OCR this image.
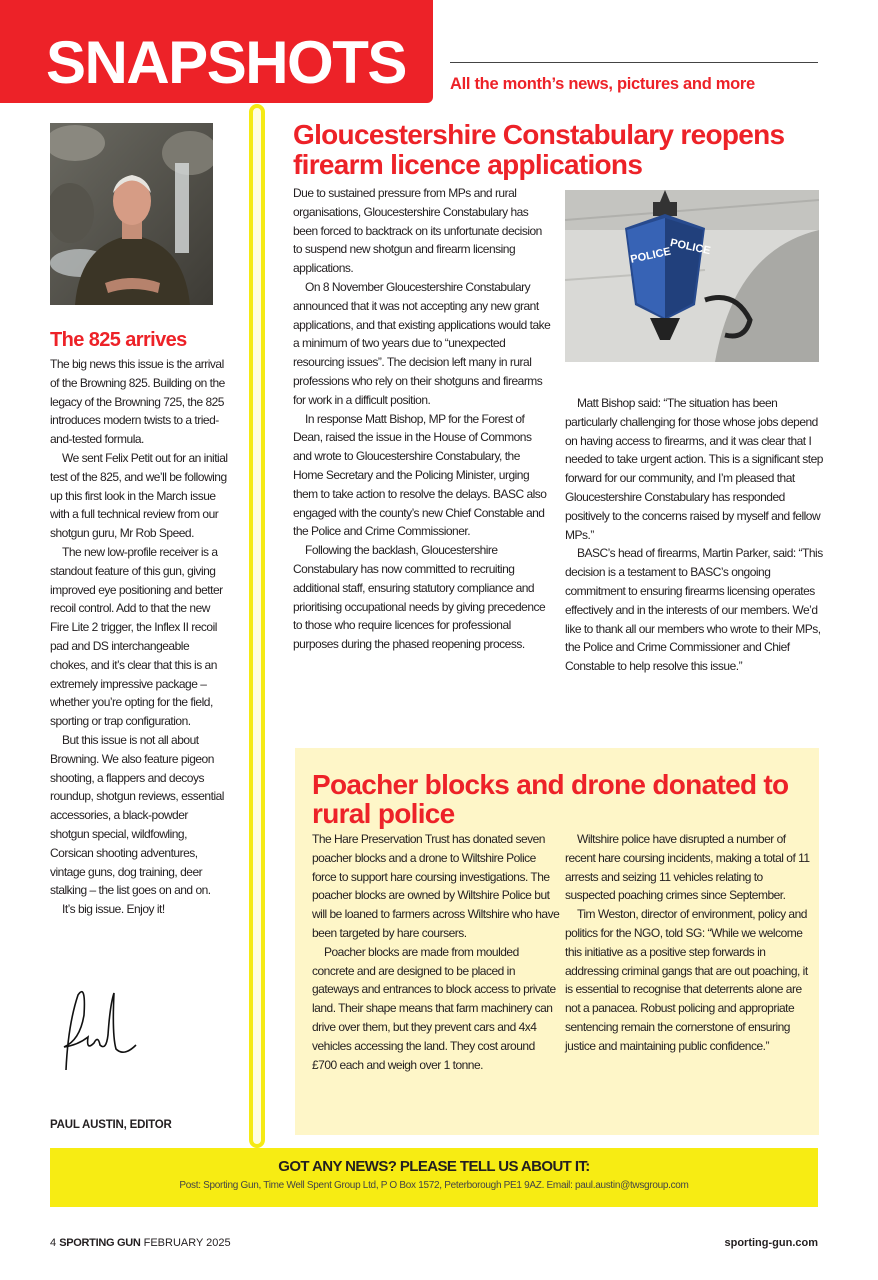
SNAPSHOTS	All the month’s news, pictures and more
The 825 arrives

The big news this issue is the arrival of the Browning 825. Building on the legacy of the Browning 725, the 825 introduces modern twists to a tried-and-tested formula.

We sent Felix Petit out for an initial test of the 825, and we’ll be following up this first look in the March issue with a full technical review from our shotgun guru, Mr Rob Speed.

The new low-profile receiver is a standout feature of this gun, giving improved eye positioning and better recoil control. Add to that the new Fire Lite 2 trigger, the Inflex II recoil pad and DS interchangeable chokes, and it’s clear that this is an extremely impressive package – whether you’re opting for the field, sporting or trap configuration.

But this issue is not all about Browning. We also feature pigeon shooting, a flappers and decoys roundup, shotgun reviews, essential accessories, a black-powder shotgun special, wildfowling, Corsican shooting adventures, vintage guns, dog training, deer stalking – the list goes on and on.

It’s big issue. Enjoy it!

PAUL AUSTIN, EDITOR
Gloucestershire Constabulary reopens firearm licence applications

Due to sustained pressure from MPs and rural organisations, Gloucestershire Constabulary has been forced to backtrack on its unfortunate decision to suspend new shotgun and firearm licensing applications.

On 8 November Gloucestershire Constabulary announced that it was not accepting any new grant applications, and that existing applications would take a minimum of two years due to “unexpected resourcing issues”. The decision left many in rural professions who rely on their shotguns and firearms for work in a difficult position.

In response Matt Bishop, MP for the Forest of Dean, raised the issue in the House of Commons and wrote to Gloucestershire Constabulary, the Home Secretary and the Policing Minister, urging them to take action to resolve the delays. BASC also engaged with the county’s new Chief Constable and the Police and Crime Commissioner.

Following the backlash, Gloucestershire Constabulary has now committed to recruiting additional staff, ensuring statutory compliance and prioritising occupational needs by giving precedence to those who require licences for professional purposes during the phased reopening process.

POLICE
POLICE

Matt Bishop said: “The situation has been particularly challenging for those whose jobs depend on having access to firearms, and it was clear that I needed to take urgent action. This is a significant step forward for our community, and I’m pleased that Gloucestershire Constabulary has responded positively to the concerns raised by myself and fellow MPs.”

BASC’s head of firearms, Martin Parker, said: “This decision is a testament to BASC’s ongoing commitment to ensuring firearms licensing operates effectively and in the interests of our members. We’d like to thank all our members who wrote to their MPs, the Police and Crime Commissioner and Chief Constable to help resolve this issue.”

Poacher blocks and drone donated to rural police

The Hare Preservation Trust has donated seven poacher blocks and a drone to Wiltshire Police force to support hare coursing investigations. The poacher blocks are owned by Wiltshire Police but will be loaned to farmers across Wiltshire who have been targeted by hare coursers.

Poacher blocks are made from moulded concrete and are designed to be placed in gateways and entrances to block access to private land. Their shape means that farm machinery can drive over them, but they prevent cars and 4x4 vehicles accessing the land. They cost around £700 each and weigh over 1 tonne.

Wiltshire police have disrupted a number of recent hare coursing incidents, making a total of 11 arrests and seizing 11 vehicles relating to suspected poaching crimes since September.

Tim Weston, director of environment, policy and politics for the NGO, told SG: “While we welcome this initiative as a positive step forwards in addressing criminal gangs that are out poaching, it is essential to recognise that deterrents alone are not a panacea. Robust policing and appropriate sentencing remain the cornerstone of ensuring justice and maintaining public confidence.”

GOT ANY NEWS? PLEASE TELL US ABOUT IT:
Post: Sporting Gun, Time Well Spent Group Ltd, P O Box 1572, Peterborough PE1 9AZ. Email: paul.austin@twsgroup.com
4 SPORTING GUN FEBRUARY 2025	sporting-gun.com
